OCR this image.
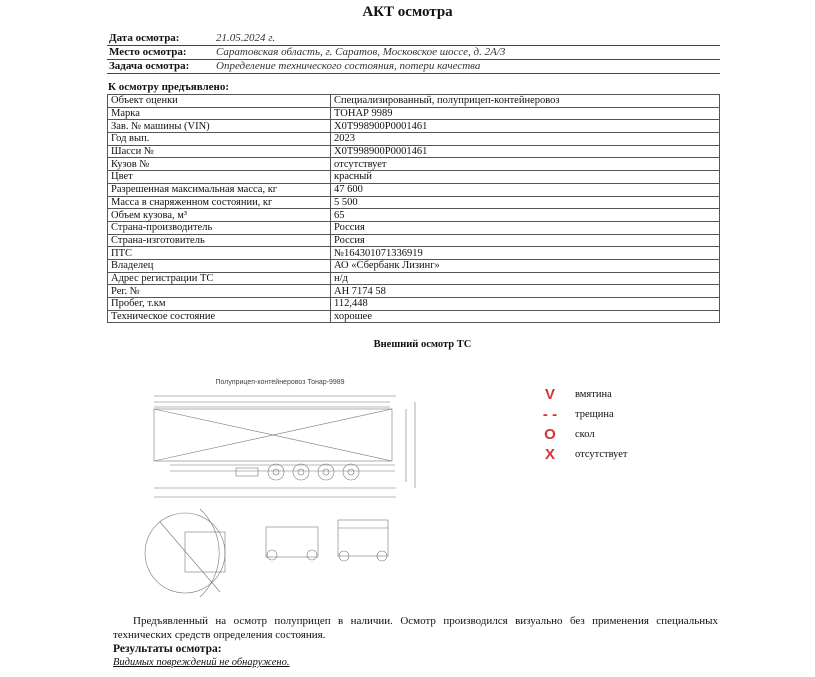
АКТ осмотра
Дата осмотра:	21.05.2024 г.
Место осмотра:	Саратовская область, г. Саратов, Московское шоссе, д. 2А/3
Задача осмотра:	Определение технического состояния, потери качества
К осмотру предъявлено:
Объект оценки	Специализированный, полуприцеп-контейнеровоз
Марка	ТОНАР 9989
Зав. № машины (VIN)	X0T998900P0001461
Год вып.	2023
Шасси №	X0T998900P0001461
Кузов №	отсутствует
Цвет	красный
Разрешенная максимальная масса, кг	47 600
Масса в снаряженном состоянии, кг	5 500
Объем кузова, м³	65
Страна-производитель	Россия
Страна-изготовитель	Россия
ПТС	№164301071336919
Владелец	АО «Сбербанк Лизинг»
Адрес регистрации ТС	н/д
Рег. №	АН 7174 58
Пробег, т.км	112,448
Техническое состояние	хорошее
Внешний осмотр ТС
Полуприцеп-контейнеровоз Тонар-9989
V	вмятина
- - трещина
O	скол
X	отсутствует
Предъявленный на осмотр полуприцеп в наличии. Осмотр производился визуально без применения специальных технических средств определения состояния.
Результаты осмотра:
Видимых повреждений не обнаружено.
